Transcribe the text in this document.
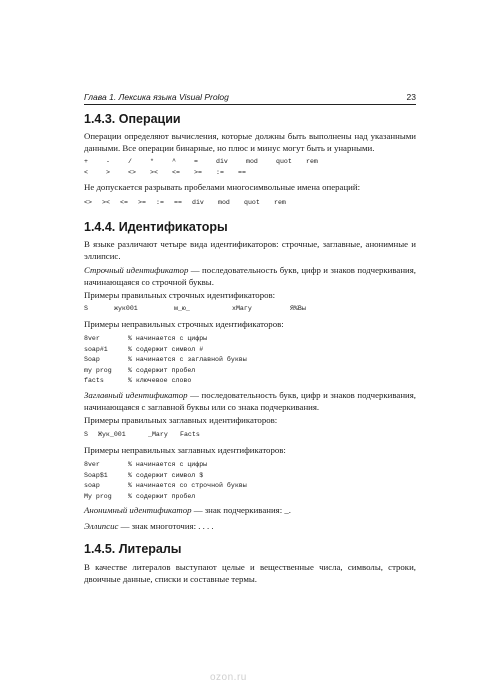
Глава 1. Лексика языка Visual Prolog	23
1.4.3. Операции

Операции определяют вычисления, которые должны быть выполнены над указанными данными. Все операции бинарные, но плюс и минус могут быть и унарными.

+	-	/	*	^	=	div	mod	quot	rem
<	>	<>	><	<=	>=	:=	==

Не допускается разрывать пробелами многосимвольные имена операций:

<>	><	<=	>=	:=	==	div	mod	quot	rem
1.4.4. Идентификаторы

В языке различают четыре вида идентификаторов: строчные, заглавные, анонимные и эллипсис.

Строчный идентификатор — последовательность букв, цифр и знаков подчеркивания, начинающаяся со строчной буквы.

Примеры правильных строчных идентификаторов:

S	жук001	м_ю_	хМагу	Я%Вы

Примеры неправильных строчных идентификаторов:

8ver	% начинается с цифры
soap#1	% содержит символ #
Soap	% начинается с заглавной буквы
my prog % содержит пробел
facts	% ключевое слово

Заглавный идентификатор — последовательность букв, цифр и знаков подчеркивания, начинающаяся с заглавной буквы или со знака подчеркивания.

Примеры правильных заглавных идентификаторов:

S Жук_001	_Mary Facts

Примеры неправильных заглавных идентификаторов:

8ver	% начинается с цифры
Soap$1	% содержит символ $
soap	% начинается со строчной буквы
My prog % содержит пробел

Анонимный идентификатор — знак подчеркивания: _.

Эллипсис — знак многоточия: . . . .

1.4.5. Литералы

В качестве литералов выступают целые и вещественные числа, символы, строки, двоичные данные, списки и составные термы.

ozon.ru
